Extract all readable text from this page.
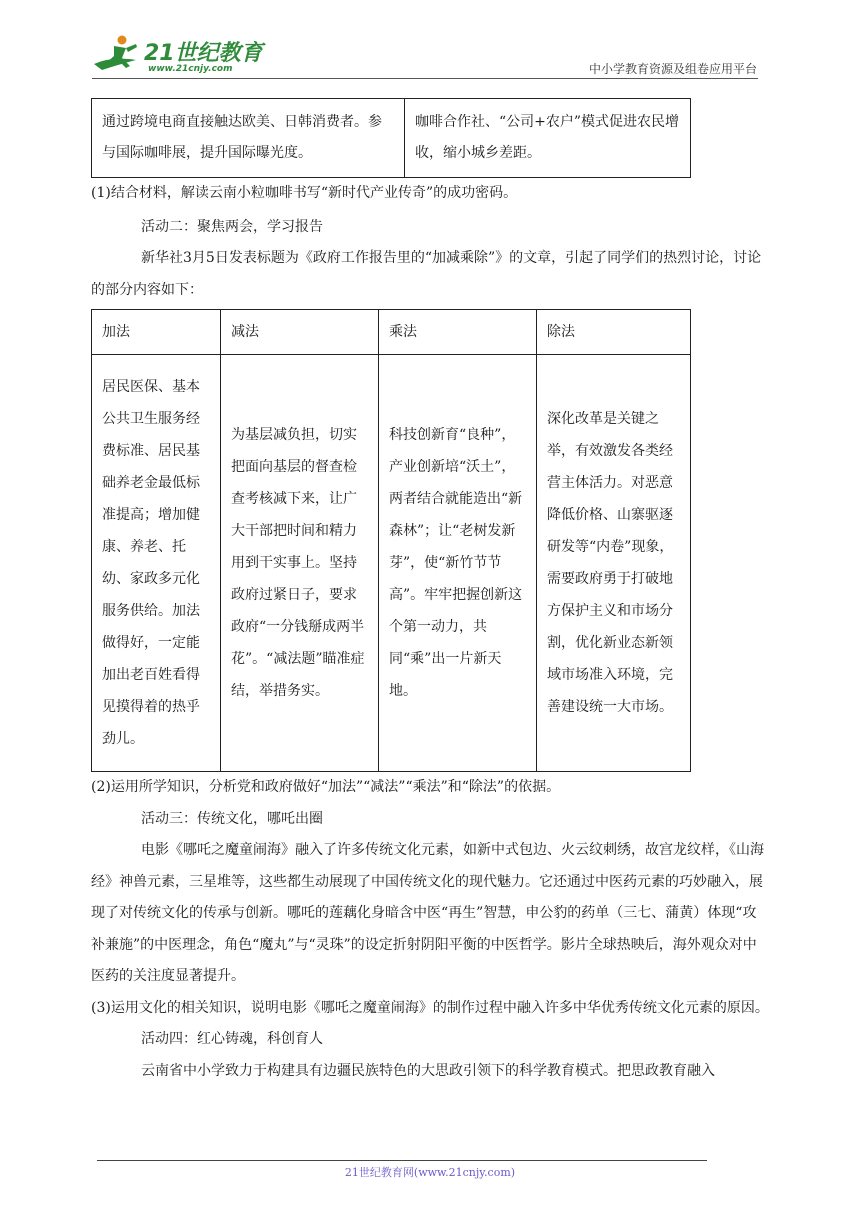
21世纪教育
www.21cnjy.com	中小学教育资源及组卷应用平台
通过跨境电商直接触达欧美、日韩消费者。参与国际咖啡展，提升国际曝光度。	咖啡合作社、“公司+农户”模式促进农民增收，缩小城乡差距。

(1)结合材料，解读云南小粒咖啡书写“新时代产业传奇”的成功密码。

活动二：聚焦两会，学习报告

新华社3月5日发表标题为《政府工作报告里的“加减乘除”》的文章，引起了同学们的热烈讨论，讨论的部分内容如下：

加法	减法	乘法	除法
居民医保、基本公共卫生服务经费标准、居民基础养老金最低标准提高；增加健康、养老、托幼、家政多元化服务供给。加法做得好，一定能加出老百姓看得见摸得着的热乎劲儿。	为基层减负担，切实把面向基层的督查检查考核减下来，让广大干部把时间和精力用到干实事上。坚持政府过紧日子，要求政府“一分钱掰成两半花”。“减法题”瞄准症结，举措务实。	科技创新育“良种”，产业创新培“沃土”，两者结合就能造出“新森林”；让“老树发新芽”，使“新竹节节高”。牢牢把握创新这个第一动力，共同“乘”出一片新天地。	深化改革是关键之举，有效激发各类经营主体活力。对恶意降低价格、山寨驱逐研发等“内卷”现象，需要政府勇于打破地方保护主义和市场分割，优化新业态新领域市场准入环境，完善建设统一大市场。

(2)运用所学知识，分析党和政府做好“加法”“减法”“乘法”和“除法”的依据。

活动三：传统文化，哪吒出圈

电影《哪吒之魔童闹海》融入了许多传统文化元素，如新中式包边、火云纹刺绣，故宫龙纹样，《山海经》神兽元素，三星堆等，这些都生动展现了中国传统文化的现代魅力。它还通过中医药元素的巧妙融入，展现了对传统文化的传承与创新。哪吒的莲藕化身暗含中医“再生”智慧，申公豹的药单（三七、蒲黄）体现“攻补兼施”的中医理念，角色“魔丸”与“灵珠”的设定折射阴阳平衡的中医哲学。影片全球热映后，海外观众对中医药的关注度显著提升。

(3)运用文化的相关知识，说明电影《哪吒之魔童闹海》的制作过程中融入许多中华优秀传统文化元素的原因。

活动四：红心铸魂，科创育人

云南省中小学致力于构建具有边疆民族特色的大思政引领下的科学教育模式。把思政教育融入

21世纪教育网(www.21cnjy.com)
